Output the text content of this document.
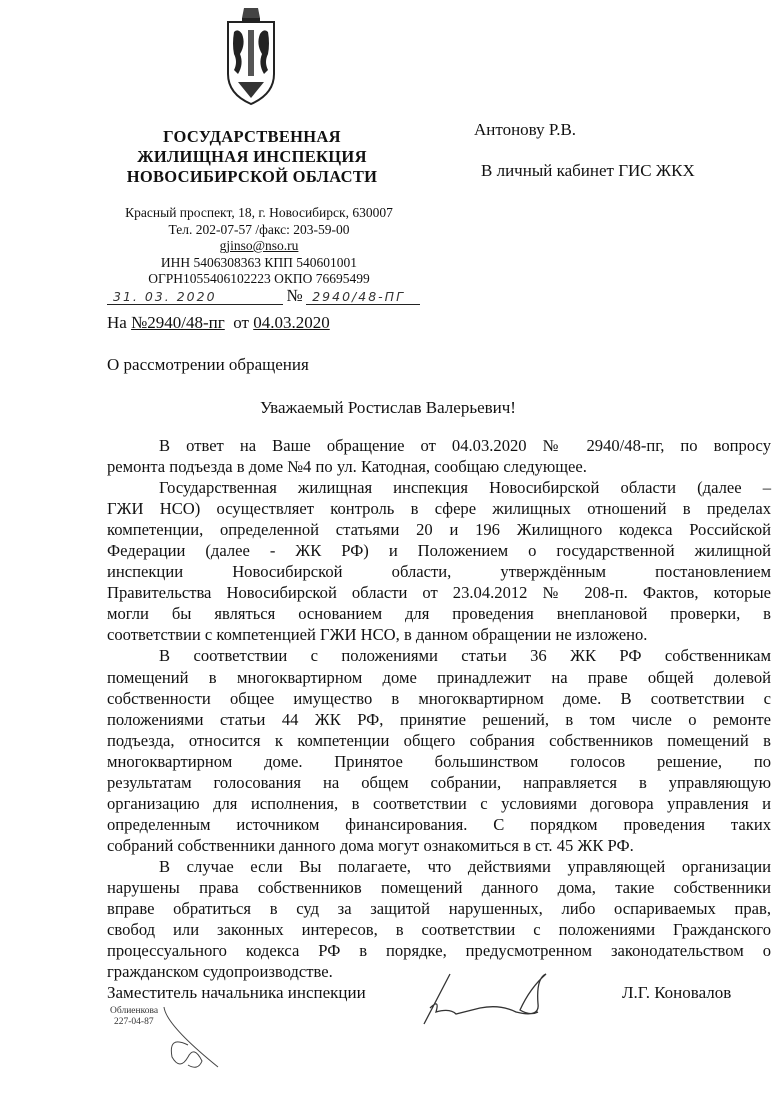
ГОСУДАРСТВЕННАЯ
ЖИЛИЩНАЯ ИНСПЕКЦИЯ
НОВОСИБИРСКОЙ ОБЛАСТИ
Красный проспект, 18, г. Новосибирск, 630007
Тел. 202-07-57 /факс: 203-59-00
gjinso@nso.ru
ИНН 5406308363 КПП 540601001
ОГРН1055406102223 ОКПО 76695499
31. 03. 2020	№ 2940/48-ПГ
На №2940/48-пг от 04.03.2020
Антонову Р.В.
В личный кабинет ГИС ЖКХ
О рассмотрении обращения
Уважаемый Ростислав Валерьевич!
В ответ на Ваше обращение от 04.03.2020 № 2940/48-пг, по вопросу
ремонта подъезда в доме №4 по ул. Катодная, сообщаю следующее.
Государственная жилищная инспекция Новосибирской области (далее –
ГЖИ НСО) осуществляет контроль в сфере жилищных отношений в пределах
компетенции, определенной статьями 20 и 196 Жилищного кодекса Российской
Федерации (далее - ЖК РФ) и Положением о государственной жилищной
инспекции Новосибирской области, утверждённым постановлением
Правительства Новосибирской области от 23.04.2012 № 208-п. Фактов, которые
могли бы являться основанием для проведения внеплановой проверки, в
соответствии с компетенцией ГЖИ НСО, в данном обращении не изложено.
В соответствии с положениями статьи 36 ЖК РФ собственникам
помещений в многоквартирном доме принадлежит на праве общей долевой
собственности общее имущество в многоквартирном доме. В соответствии с
положениями статьи 44 ЖК РФ, принятие решений, в том числе о ремонте
подъезда, относится к компетенции общего собрания собственников помещений в
многоквартирном доме. Принятое большинством голосов решение, по
результатам голосования на общем собрании, направляется в управляющую
организацию для исполнения, в соответствии с условиями договора управления и
определенным источником финансирования. С порядком проведения таких
собраний собственники данного дома могут ознакомиться в ст. 45 ЖК РФ.
В случае если Вы полагаете, что действиями управляющей организации
нарушены права собственников помещений данного дома, такие собственники
вправе обратиться в суд за защитой нарушенных, либо оспариваемых прав,
свобод или законных интересов, в соответствии с положениями Гражданского
процессуального кодекса РФ в порядке, предусмотренном законодательством о
гражданском судопроизводстве.
Заместитель начальника инспекции	Л.Г. Коновалов
Облиенкова
227-04-87
